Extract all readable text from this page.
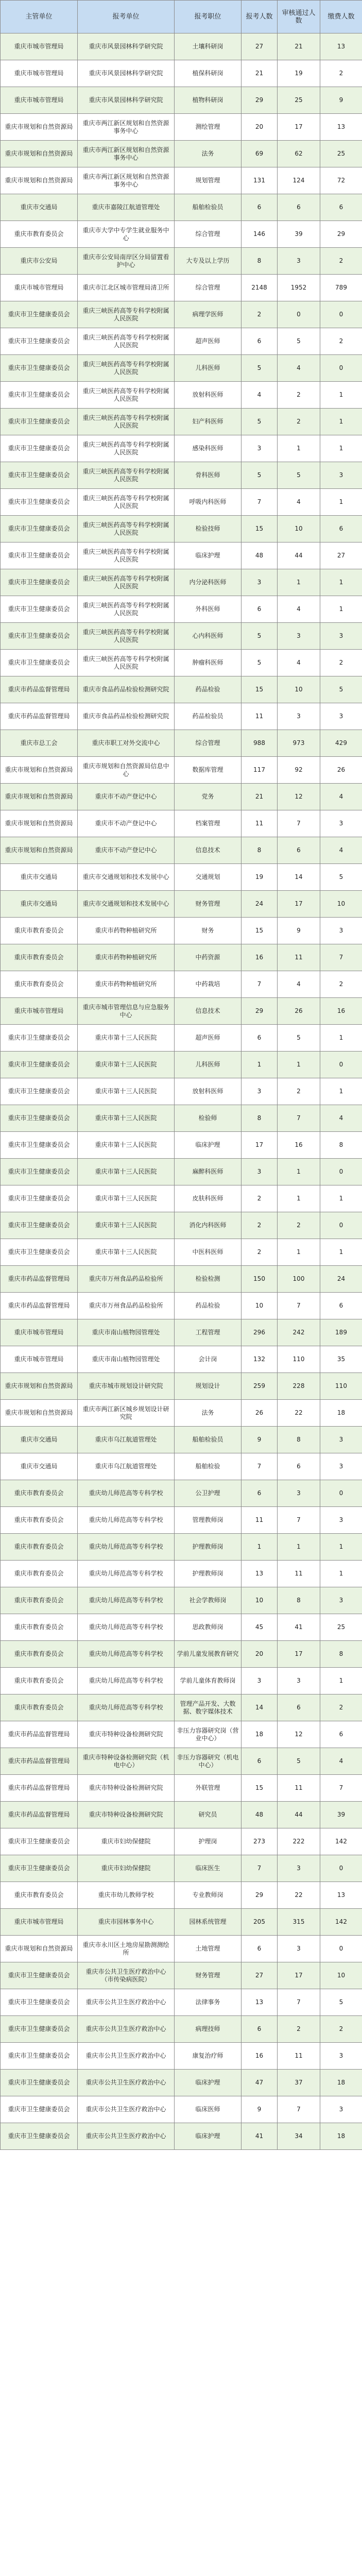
主管单位	报考单位	报考职位	报考人数	审核通过人数	缴费人数
重庆市城市管理局	重庆市风景园林科学研究院	土壤科研岗	27	21	13
重庆市城市管理局	重庆市风景园林科学研究院	植保科研岗	21	19	2
重庆市城市管理局	重庆市风景园林科学研究院	植物科研岗	29	25	9
重庆市规划和自然资源局	重庆市两江新区规划和自然资源事务中心	测绘管理	20	17	13
重庆市规划和自然资源局	重庆市两江新区规划和自然资源事务中心	法务	69	62	25
重庆市规划和自然资源局	重庆市两江新区规划和自然资源事务中心	规划管理	131	124	72
重庆市交通局	重庆市嘉陵江航道管理处	船舶检验员	6	6	6
重庆市教育委员会	重庆市大学中专学生就业服务中心	综合管理	146	39	29
重庆市公安局	重庆市公安局南岸区分局留置看护中心	大专及以上学历	8	3	2
重庆市城市管理局	重庆市江北区城市管理局清卫所	综合管理	2148	1952	789
重庆市卫生健康委员会	重庆三峡医药高等专科学校附属人民医院	病理学医师	2	0	0
重庆市卫生健康委员会	重庆三峡医药高等专科学校附属人民医院	超声医师	6	5	2
重庆市卫生健康委员会	重庆三峡医药高等专科学校附属人民医院	儿科医师	5	4	0
重庆市卫生健康委员会	重庆三峡医药高等专科学校附属人民医院	放射科医师	4	2	1
重庆市卫生健康委员会	重庆三峡医药高等专科学校附属人民医院	妇产科医师	5	2	1
重庆市卫生健康委员会	重庆三峡医药高等专科学校附属人民医院	感染科医师	3	1	1
重庆市卫生健康委员会	重庆三峡医药高等专科学校附属人民医院	骨科医师	5	5	3
重庆市卫生健康委员会	重庆三峡医药高等专科学校附属人民医院	呼吸内科医师	7	4	1
重庆市卫生健康委员会	重庆三峡医药高等专科学校附属人民医院	检验技师	15	10	6
重庆市卫生健康委员会	重庆三峡医药高等专科学校附属人民医院	临床护理	48	44	27
重庆市卫生健康委员会	重庆三峡医药高等专科学校附属人民医院	内分泌科医师	3	1	1
重庆市卫生健康委员会	重庆三峡医药高等专科学校附属人民医院	外科医师	6	4	1
重庆市卫生健康委员会	重庆三峡医药高等专科学校附属人民医院	心内科医师	5	3	3
重庆市卫生健康委员会	重庆三峡医药高等专科学校附属人民医院	肿瘤科医师	5	4	2
重庆市药品监督管理局	重庆市食品药品检验检测研究院	药品检验	15	10	5
重庆市药品监督管理局	重庆市食品药品检验检测研究院	药品检验员	11	3	3
重庆市总工会	重庆市职工对外交流中心	综合管理	988	973	429
重庆市规划和自然资源局	重庆市规划和自然资源局信息中心	数据库管理	117	92	26
重庆市规划和自然资源局	重庆市不动产登记中心	党务	21	12	4
重庆市规划和自然资源局	重庆市不动产登记中心	档案管理	11	7	3
重庆市规划和自然资源局	重庆市不动产登记中心	信息技术	8	6	4
重庆市交通局	重庆市交通规划和技术发展中心	交通规划	19	14	5
重庆市交通局	重庆市交通规划和技术发展中心	财务管理	24	17	10
重庆市教育委员会	重庆市药物种植研究所	财务	15	9	3
重庆市教育委员会	重庆市药物种植研究所	中药资源	16	11	7
重庆市教育委员会	重庆市药物种植研究所	中药栽培	7	4	2
重庆市城市管理局	重庆市城市管理信息与应急服务中心	信息技术	29	26	16
重庆市卫生健康委员会	重庆市第十三人民医院	超声医师	6	5	1
重庆市卫生健康委员会	重庆市第十三人民医院	儿科医师	1	1	0
重庆市卫生健康委员会	重庆市第十三人民医院	放射科医师	3	2	1
重庆市卫生健康委员会	重庆市第十三人民医院	检验师	8	7	4
重庆市卫生健康委员会	重庆市第十三人民医院	临床护理	17	16	8
重庆市卫生健康委员会	重庆市第十三人民医院	麻醉科医师	3	1	0
重庆市卫生健康委员会	重庆市第十三人民医院	皮肤科医师	2	1	1
重庆市卫生健康委员会	重庆市第十三人民医院	消化内科医师	2	2	0
重庆市卫生健康委员会	重庆市第十三人民医院	中医科医师	2	1	1
重庆市药品监督管理局	重庆市万州食品药品检验所	检验检测	150	100	24
重庆市药品监督管理局	重庆市万州食品药品检验所	药品检验	10	7	6
重庆市城市管理局	重庆市南山植物园管理处	工程管理	296	242	189
重庆市城市管理局	重庆市南山植物园管理处	会计岗	132	110	35
重庆市规划和自然资源局	重庆市城市规划设计研究院	规划设计	259	228	110
重庆市规划和自然资源局	重庆市两江新区城乡规划设计研究院	法务	26	22	18
重庆市交通局	重庆市乌江航道管理处	船舶检验员	9	8	3
重庆市交通局	重庆市乌江航道管理处	船舶检验	7	6	3
重庆市教育委员会	重庆幼儿师范高等专科学校	公卫护理	6	3	0
重庆市教育委员会	重庆幼儿师范高等专科学校	管理教师岗	11	7	3
重庆市教育委员会	重庆幼儿师范高等专科学校	护理教师岗	1	1	1
重庆市教育委员会	重庆幼儿师范高等专科学校	护理教师岗	13	11	1
重庆市教育委员会	重庆幼儿师范高等专科学校	社会学教师岗	10	8	3
重庆市教育委员会	重庆幼儿师范高等专科学校	思政教师岗	45	41	25
重庆市教育委员会	重庆幼儿师范高等专科学校	学前儿童发展教育研究	20	17	8
重庆市教育委员会	重庆幼儿师范高等专科学校	学前儿童体育教师岗	3	3	1
重庆市教育委员会	重庆幼儿师范高等专科学校	管理产品开发、大数据、数字媒体技术	14	6	2
重庆市药品监督管理局	重庆市特种设备检测研究院	非压力容器研究岗（营业中心）	18	12	6
重庆市药品监督管理局	重庆市特种设备检测研究院（机电中心）	非压力容器研究（机电中心）	6	5	4
重庆市药品监督管理局	重庆市特种设备检测研究院	外联管理	15	11	7
重庆市药品监督管理局	重庆市特种设备检测研究院	研究员	48	44	39
重庆市卫生健康委员会	重庆市妇幼保健院	护理岗	273	222	142
重庆市卫生健康委员会	重庆市妇幼保健院	临床医生	7	3	0
重庆市教育委员会	重庆市幼儿教师学校	专业教师岗	29	22	13
重庆市城市管理局	重庆市园林事务中心	园林系统管理	205	315	142
重庆市规划和自然资源局	重庆市永川区土地房屋勘测测绘所	土地管理	6	3	0
重庆市卫生健康委员会	重庆市公共卫生医疗救治中心（市传染病医院）	财务管理	27	17	10
重庆市卫生健康委员会	重庆市公共卫生医疗救治中心	法律事务	13	7	5
重庆市卫生健康委员会	重庆市公共卫生医疗救治中心	病理技师	6	2	2
重庆市卫生健康委员会	重庆市公共卫生医疗救治中心	康复治疗师	16	11	3
重庆市卫生健康委员会	重庆市公共卫生医疗救治中心	临床护理	47	37	18
重庆市卫生健康委员会	重庆市公共卫生医疗救治中心	临床医师	9	7	3
重庆市卫生健康委员会	重庆市公共卫生医疗救治中心	临床护理	41	34	18
